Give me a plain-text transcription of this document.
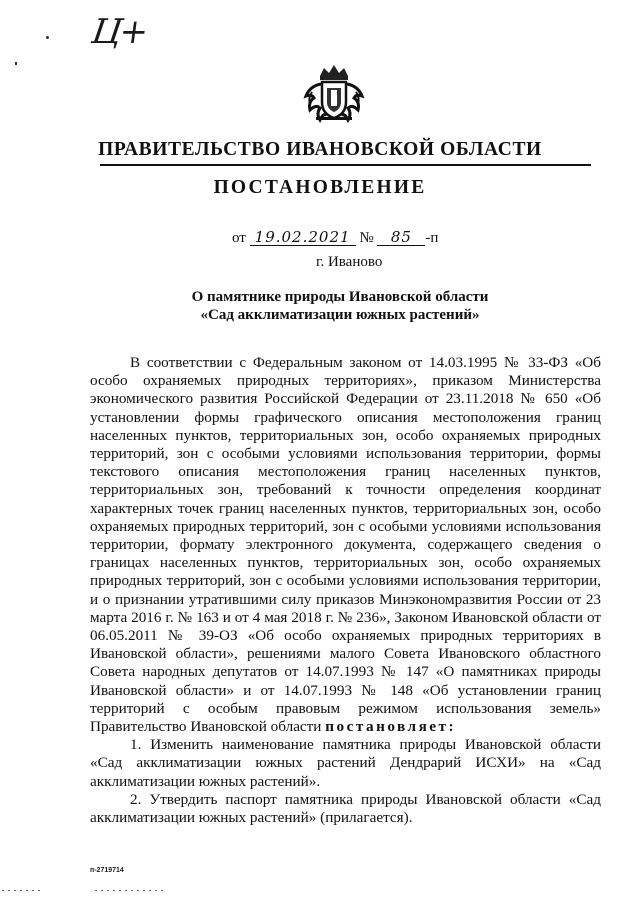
Ц+
ПРАВИТЕЛЬСТВО ИВАНОВСКОЙ ОБЛАСТИ
ПОСТАНОВЛЕНИЕ
от 19.02.2021 № 85 -п
г. Иваново
О памятнике природы Ивановской области
«Сад акклиматизации южных растений»

В соответствии с Федеральным законом от 14.03.1995 № 33-ФЗ «Об особо охраняемых природных территориях», приказом Министерства экономического развития Российской Федерации от 23.11.2018 № 650 «Об установлении формы графического описания местоположения границ населенных пунктов, территориальных зон, особо охраняемых природных территорий, зон с особыми условиями использования территории, формы текстового описания местоположения границ населенных пунктов, территориальных зон, требований к точности определения координат характерных точек границ населенных пунктов, территориальных зон, особо охраняемых природных территорий, зон с особыми условиями использования территории, формату электронного документа, содержащего сведения о границах населенных пунктов, территориальных зон, особо охраняемых природных территорий, зон с особыми условиями использования территории, и о признании утратившими силу приказов Минэкономразвития России от 23 марта 2016 г. № 163 и от 4 мая 2018 г. № 236», Законом Ивановской области от 06.05.2011 № 39-ОЗ «Об особо охраняемых природных территориях в Ивановской области», решениями малого Совета Ивановского областного Совета народных депутатов от 14.07.1993 № 147 «О памятниках природы Ивановской области» и от 14.07.1993 № 148 «Об установлении границ территорий с особым правовым режимом использования земель» Правительство Ивановской области постановляет:

1. Изменить наименование памятника природы Ивановской области «Сад акклиматизации южных растений Дендрарий ИСХИ» на «Сад акклиматизации южных растений».

2. Утвердить паспорт памятника природы Ивановской области «Сад акклиматизации южных растений» (прилагается).

п-2719714
